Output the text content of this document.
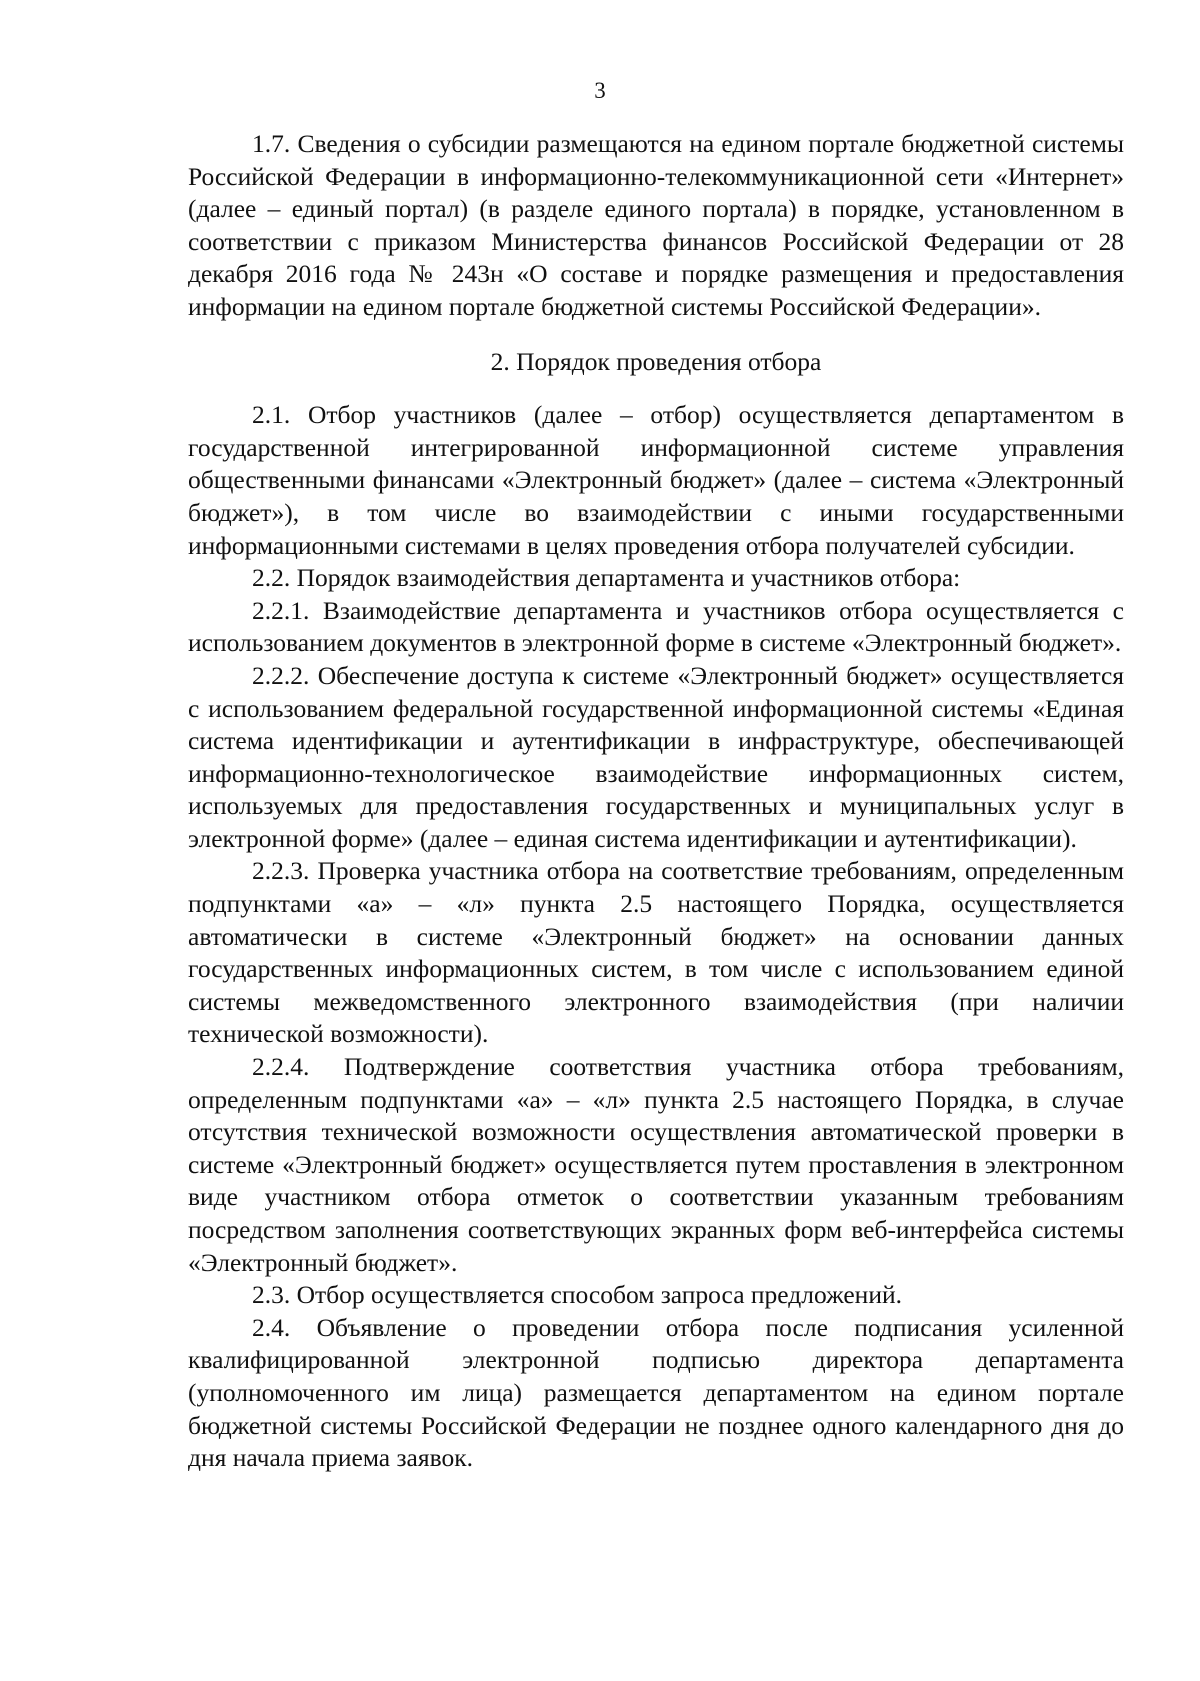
3

1.7. Сведения о субсидии размещаются на едином портале бюджетной системы Российской Федерации в информационно-телекоммуникационной сети «Интернет» (далее – единый портал) (в разделе единого портала) в порядке, установленном в соответствии с приказом Министерства финансов Российской Федерации от 28 декабря 2016 года № 243н «О составе и порядке размещения и предоставления информации на едином портале бюджетной системы Российской Федерации».

2. Порядок проведения отбора

2.1. Отбор участников (далее – отбор) осуществляется департаментом в государственной интегрированной информационной системе управления общественными финансами «Электронный бюджет» (далее – система «Электронный бюджет»), в том числе во взаимодействии с иными государственными информационными системами в целях проведения отбора получателей субсидии.

2.2. Порядок взаимодействия департамента и участников отбора:

2.2.1. Взаимодействие департамента и участников отбора осуществляется с использованием документов в электронной форме в системе «Электронный бюджет».

2.2.2. Обеспечение доступа к системе «Электронный бюджет» осуществляется с использованием федеральной государственной информационной системы «Единая система идентификации и аутентификации в инфраструктуре, обеспечивающей информационно-технологическое взаимодействие информационных систем, используемых для предоставления государственных и муниципальных услуг в электронной форме» (далее – единая система идентификации и аутентификации).

2.2.3. Проверка участника отбора на соответствие требованиям, определенным подпунктами «а» – «л» пункта 2.5 настоящего Порядка, осуществляется автоматически в системе «Электронный бюджет» на основании данных государственных информационных систем, в том числе с использованием единой системы межведомственного электронного взаимодействия (при наличии технической возможности).

2.2.4. Подтверждение соответствия участника отбора требованиям, определенным подпунктами «а» – «л» пункта 2.5 настоящего Порядка, в случае отсутствия технической возможности осуществления автоматической проверки в системе «Электронный бюджет» осуществляется путем проставления в электронном виде участником отбора отметок о соответствии указанным требованиям посредством заполнения соответствующих экранных форм веб-интерфейса системы «Электронный бюджет».

2.3. Отбор осуществляется способом запроса предложений.

2.4. Объявление о проведении отбора после подписания усиленной квалифицированной электронной подписью директора департамента (уполномоченного им лица) размещается департаментом на едином портале бюджетной системы Российской Федерации не позднее одного календарного дня до дня начала приема заявок.
